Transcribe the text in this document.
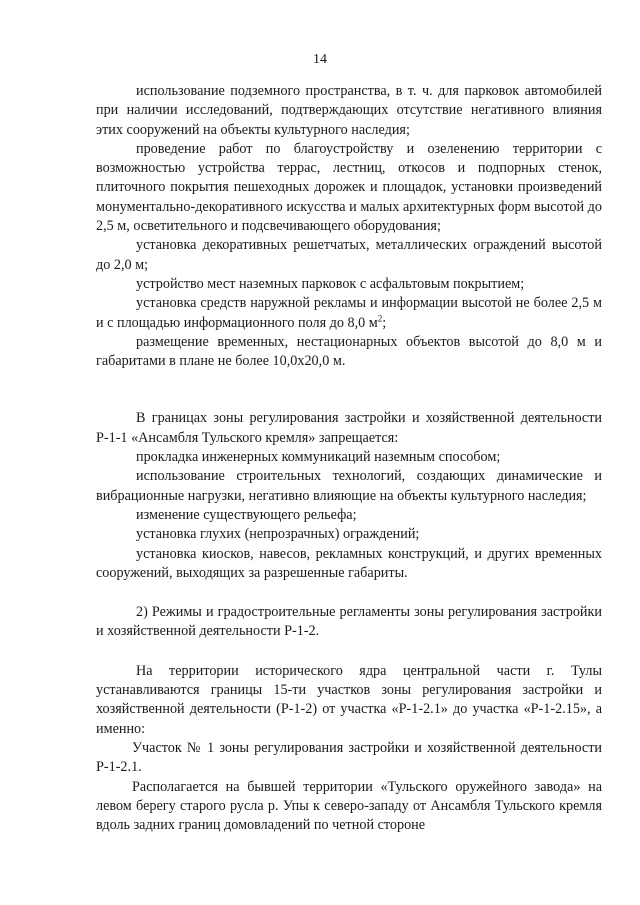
14

использование подземного пространства, в т. ч. для парковок автомобилей при наличии исследований, подтверждающих отсутствие негативного влияния этих сооружений на объекты культурного наследия;

проведение работ по благоустройству и озеленению территории с возможностью устройства террас, лестниц, откосов и подпорных стенок, плиточного покрытия пешеходных дорожек и площадок, установки произведений монументально-декоративного искусства и малых архитектурных форм высотой до 2,5 м, осветительного и подсвечивающего оборудования;

установка декоративных решетчатых, металлических ограждений высотой до 2,0 м;

устройство мест наземных парковок с асфальтовым покрытием;

установка средств наружной рекламы и информации высотой не более 2,5 м и с площадью информационного поля до 8,0 $м^2$;

размещение временных, нестационарных объектов высотой до 8,0 м и габаритами в плане не более 10,0х20,0 м.

В границах зоны регулирования застройки и хозяйственной деятельности Р-1-1 «Ансамбля Тульского кремля» запрещается:

прокладка инженерных коммуникаций наземным способом;

использование строительных технологий, создающих динамические и вибрационные нагрузки, негативно влияющие на объекты культурного наследия;

изменение существующего рельефа;

установка глухих (непрозрачных) ограждений;

установка киосков, навесов, рекламных конструкций, и других временных сооружений, выходящих за разрешенные габариты.

2) Режимы и градостроительные регламенты зоны регулирования застройки и хозяйственной деятельности Р-1-2.

На территории исторического ядра центральной части г. Тулы устанавливаются границы 15-ти участков зоны регулирования застройки и хозяйственной деятельности (Р-1-2) от участка «Р-1-2.1» до участка «Р-1-2.15», а именно:

Участок № 1 зоны регулирования застройки и хозяйственной деятельности Р-1-2.1.

Располагается на бывшей территории «Тульского оружейного завода» на левом берегу старого русла р. Упы к северо-западу от Ансамбля Тульского кремля вдоль задних границ домовладений по четной стороне
